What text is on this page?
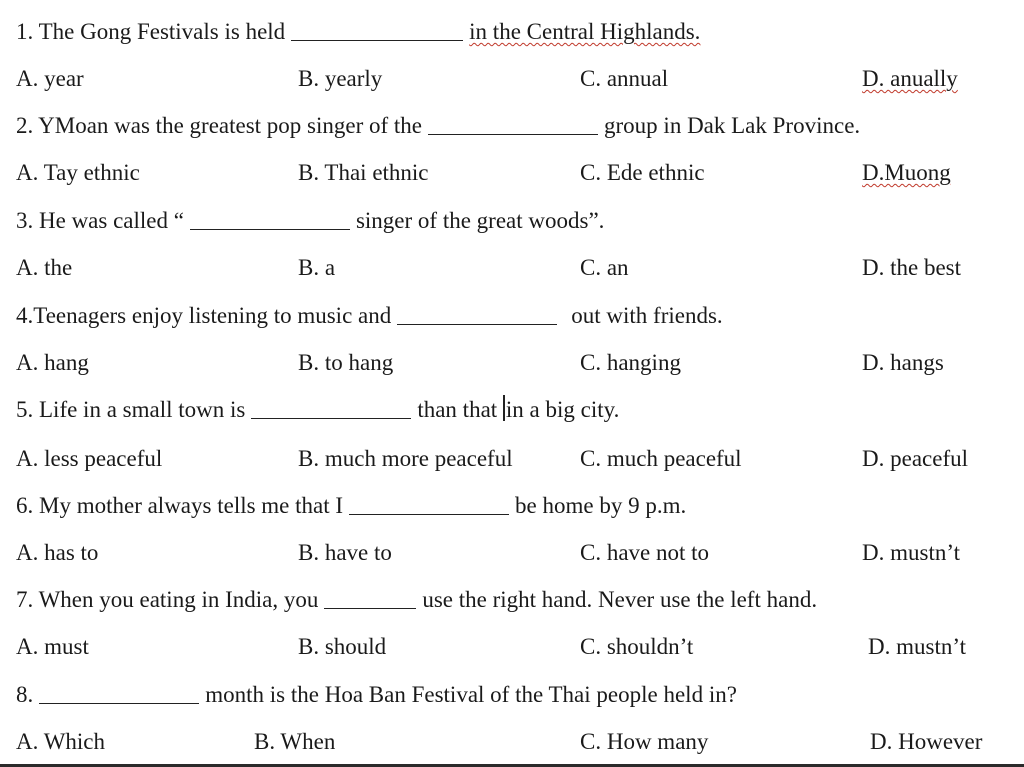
1. The Gong Festivals is held	in the Central Highlands.
A. year	B. yearly	C. annual	D. anually
2. YMoan was the greatest pop singer of the	group in Dak Lak Province.
A. Tay ethnic	B. Thai ethnic	C. Ede ethnic	D.Muong
3. He was called “	singer of the great woods”.
A. the	B. a	C. an	D. the best
4.Teenagers enjoy listening to music and	out with friends.
A. hang	B. to hang	C. hanging	D. hangs
5. Life in a small town is	than that in a big city.
A. less peaceful	B. much more peaceful	C. much peaceful	D. peaceful
6. My mother always tells me that I	be home by 9 p.m.
A. has to	B. have to	C. have not to	D. mustn’t
7. When you eating in India, you	use the right hand. Never use the left hand.
A. must	B. should	C. shouldn’t	D. mustn’t
8.	month is the Hoa Ban Festival of the Thai people held in?
A. Which	B. When	C. How many	D. However
